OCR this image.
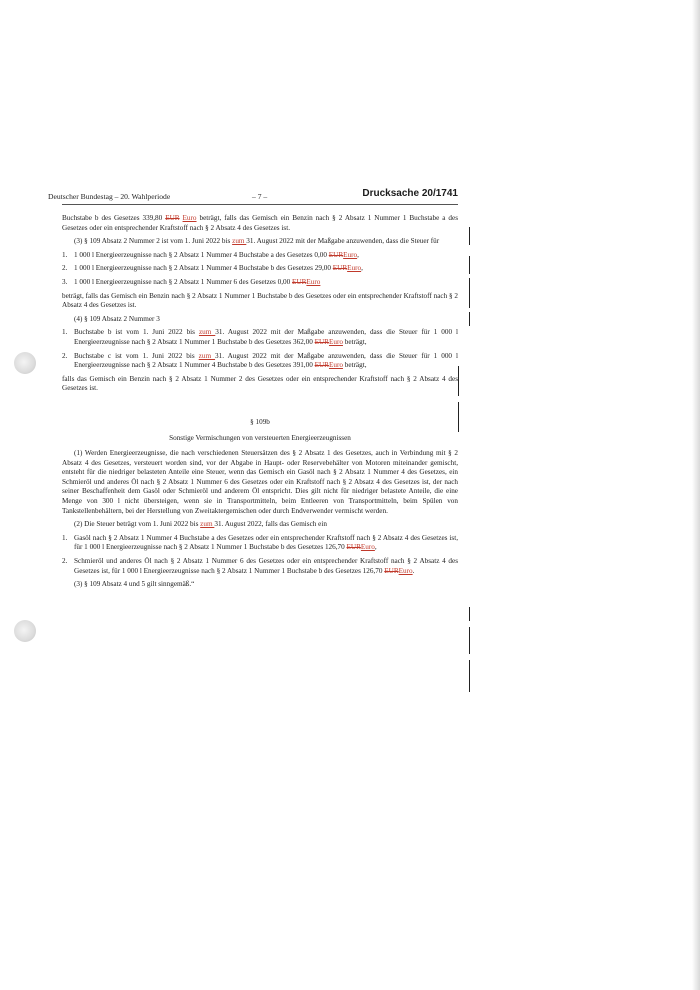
Deutscher Bundestag – 20. Wahlperiode	– 7 –	Drucksache 20/1741

Buchstabe b des Gesetzes 339,80 EUR Euro beträgt, falls das Gemisch ein Benzin nach § 2 Absatz 1 Nummer 1 Buchstabe a des Gesetzes oder ein entsprechender Kraftstoff nach § 2 Absatz 4 des Gesetzes ist.

(3) § 109 Absatz 2 Nummer 2 ist vom 1. Juni 2022 bis zum 31. August 2022 mit der Maßgabe anzuwenden, dass die Steuer für

1. 1 000 l Energieerzeugnisse nach § 2 Absatz 1 Nummer 4 Buchstabe a des Gesetzes 0,00 EUREuro,
2. 1 000 l Energieerzeugnisse nach § 2 Absatz 1 Nummer 4 Buchstabe b des Gesetzes 29,00 EUREuro,
3. 1 000 l Energieerzeugnisse nach § 2 Absatz 1 Nummer 6 des Gesetzes 0,00 EUREuro

beträgt, falls das Gemisch ein Benzin nach § 2 Absatz 1 Nummer 1 Buchstabe b des Gesetzes oder ein entsprechender Kraftstoff nach § 2 Absatz 4 des Gesetzes ist.

(4) § 109 Absatz 2 Nummer 3

1. Buchstabe b ist vom 1. Juni 2022 bis zum 31. August 2022 mit der Maßgabe anzuwenden, dass die Steuer für 1 000 l Energieerzeugnisse nach § 2 Absatz 1 Nummer 1 Buchstabe b des Gesetzes 362,00 EUREuro beträgt,
2. Buchstabe c ist vom 1. Juni 2022 bis zum 31. August 2022 mit der Maßgabe anzuwenden, dass die Steuer für 1 000 l Energieerzeugnisse nach § 2 Absatz 1 Nummer 4 Buchstabe b des Gesetzes 391,00 EUREuro beträgt,

falls das Gemisch ein Benzin nach § 2 Absatz 1 Nummer 2 des Gesetzes oder ein entsprechender Kraftstoff nach § 2 Absatz 4 des Gesetzes ist.

§ 109b
Sonstige Vermischungen von versteuerten Energieerzeugnissen

(1) Werden Energieerzeugnisse, die nach verschiedenen Steuersätzen des § 2 Absatz 1 des Gesetzes, auch in Verbindung mit § 2 Absatz 4 des Gesetzes, versteuert worden sind, vor der Abgabe in Haupt- oder Reservebehälter von Motoren miteinander gemischt, entsteht für die niedriger belasteten Anteile eine Steuer, wenn das Gemisch ein Gasöl nach § 2 Absatz 1 Nummer 4 des Gesetzes, ein Schmieröl und anderes Öl nach § 2 Absatz 1 Nummer 6 des Gesetzes oder ein Kraftstoff nach § 2 Absatz 4 des Gesetzes ist, der nach seiner Beschaffenheit dem Gasöl oder Schmieröl und anderem Öl entspricht. Dies gilt nicht für niedriger belastete Anteile, die eine Menge von 300 l nicht übersteigen, wenn sie in Transportmitteln, beim Entleeren von Transportmitteln, beim Spülen von Tankstellenbehältern, bei der Herstellung von Zweitaktergemischen oder durch Endverwender vermischt werden.

(2) Die Steuer beträgt vom 1. Juni 2022 bis zum 31. August 2022, falls das Gemisch ein

1. Gasöl nach § 2 Absatz 1 Nummer 4 Buchstabe a des Gesetzes oder ein entsprechender Kraftstoff nach § 2 Absatz 4 des Gesetzes ist, für 1 000 l Energieerzeugnisse nach § 2 Absatz 1 Nummer 1 Buchstabe b des Gesetzes 126,70 EUREuro,
2. Schmieröl und anderes Öl nach § 2 Absatz 1 Nummer 6 des Gesetzes oder ein entsprechender Kraftstoff nach § 2 Absatz 4 des Gesetzes ist, für 1 000 l Energieerzeugnisse nach § 2 Absatz 1 Nummer 1 Buchstabe b des Gesetzes 126,70 EUREuro.

(3) § 109 Absatz 4 und 5 gilt sinngemäß.“
